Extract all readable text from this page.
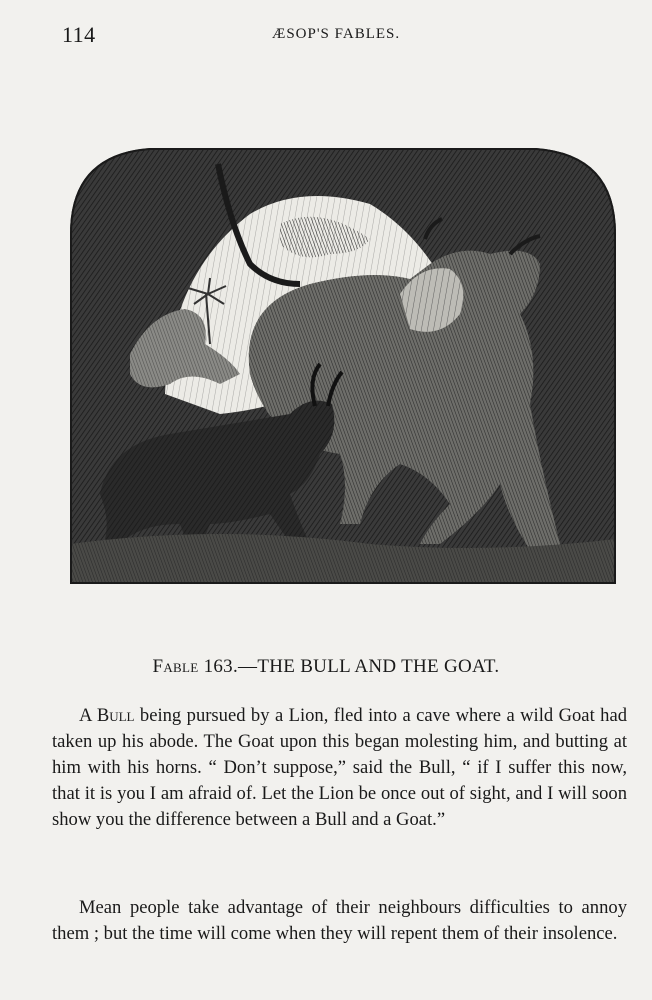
114	ÆSOP'S FABLES.
Fable 163.—THE BULL AND THE GOAT.

A Bull being pursued by a Lion, fled into a cave where a wild Goat had taken up his abode. The Goat upon this began molesting him, and butting at him with his horns. “ Don’t suppose,” said the Bull, “ if I suffer this now, that it is you I am afraid of. Let the Lion be once out of sight, and I will soon show you the difference between a Bull and a Goat.”

Mean people take advantage of their neighbours difficulties to annoy them ; but the time will come when they will repent them of their insolence.
